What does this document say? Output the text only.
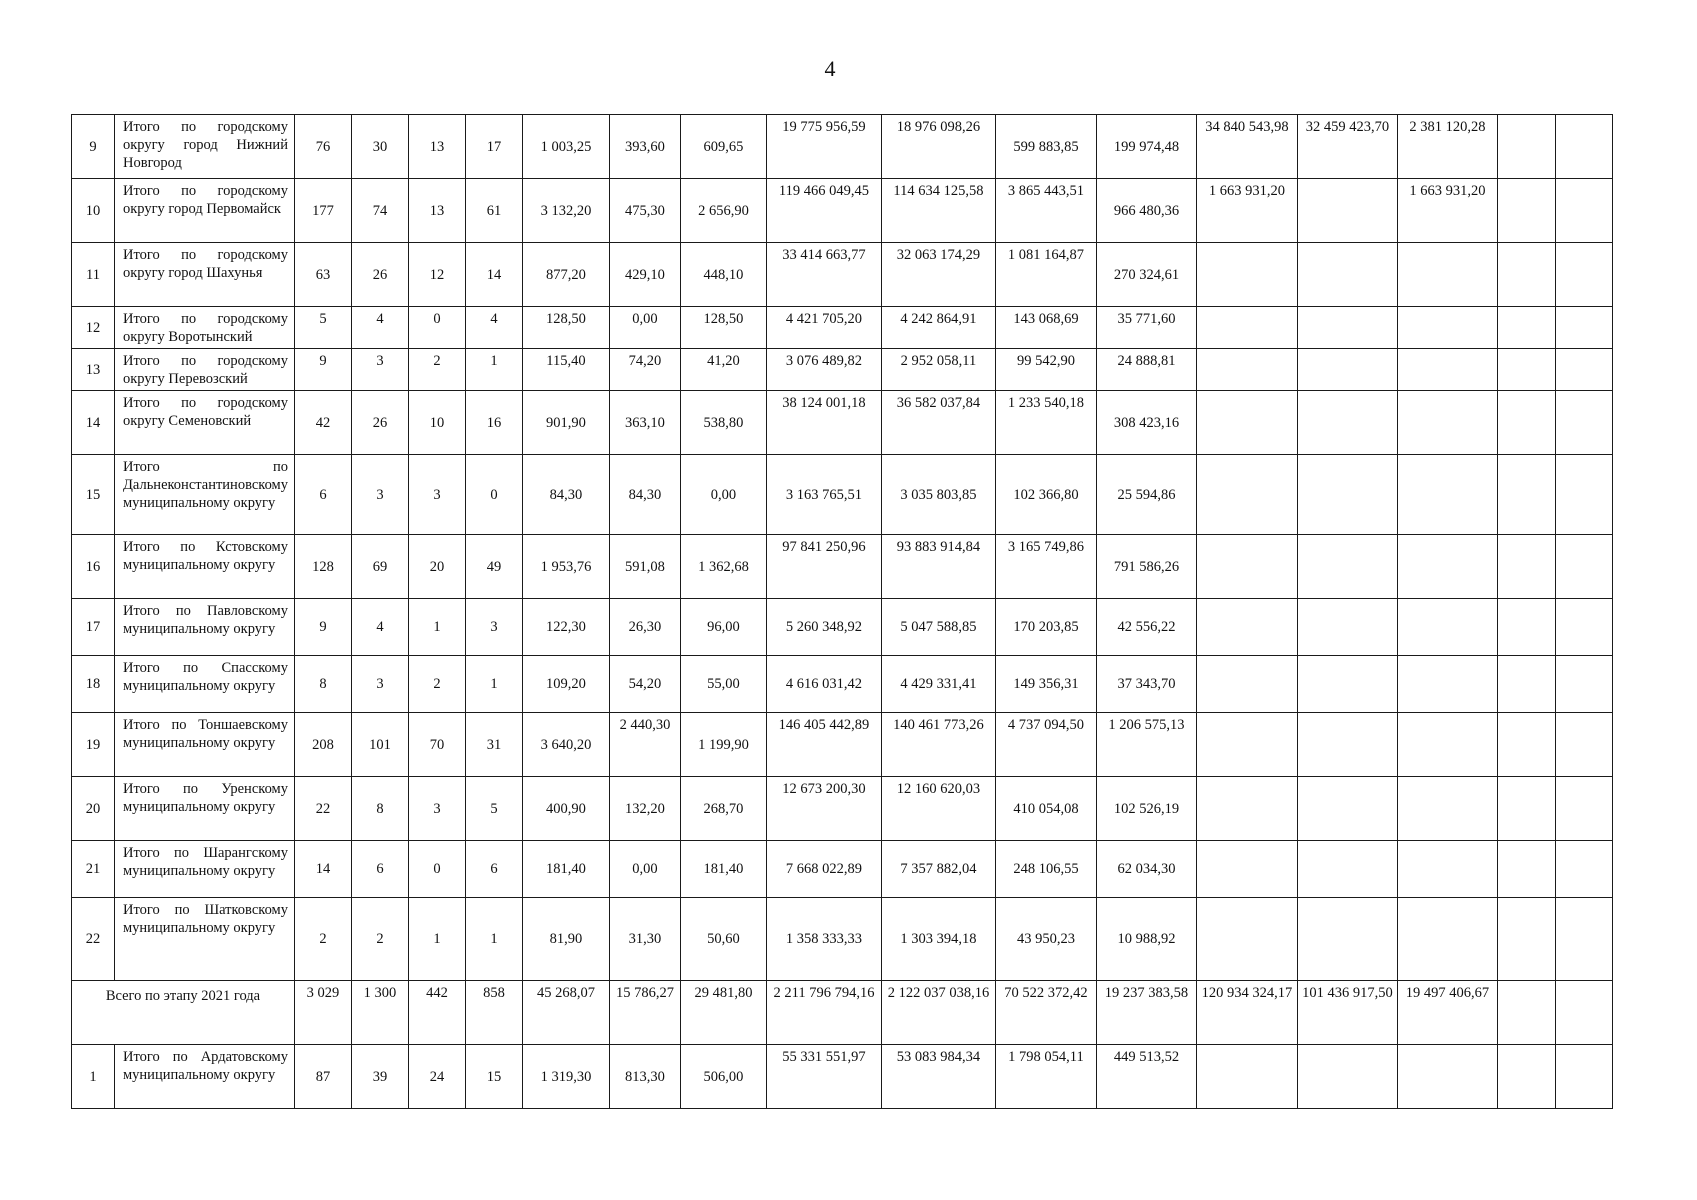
4
9	Итого по городскому округу город Нижний Новгород	76	30	13	17	1 003,25	393,60	609,65	19 775 956,59	18 976 098,26	599 883,85	199 974,48	34 840 543,98	32 459 423,70	2 381 120,28		
10	Итого по городскому округу город Первомайск	177	74	13	61	3 132,20	475,30	2 656,90	119 466 049,45	114 634 125,58	3 865 443,51	966 480,36	1 663 931,20		1 663 931,20		
11	Итого по городскому округу город Шахунья	63	26	12	14	877,20	429,10	448,10	33 414 663,77	32 063 174,29	1 081 164,87	270 324,61					
12	Итого по городскому округу Воротынский	5	4	0	4	128,50	0,00	128,50	4 421 705,20	4 242 864,91	143 068,69	35 771,60					
13	Итого по городскому округу Перевозский	9	3	2	1	115,40	74,20	41,20	3 076 489,82	2 952 058,11	99 542,90	24 888,81					
14	Итого по городскому округу Семеновский	42	26	10	16	901,90	363,10	538,80	38 124 001,18	36 582 037,84	1 233 540,18	308 423,16					
15	Итого по Дальнеконстантиновскому муниципальному округу	6	3	3	0	84,30	84,30	0,00	3 163 765,51	3 035 803,85	102 366,80	25 594,86					
16	Итого по Кстовскому муниципальному округу	128	69	20	49	1 953,76	591,08	1 362,68	97 841 250,96	93 883 914,84	3 165 749,86	791 586,26					
17	Итого по Павловскому муниципальному округу	9	4	1	3	122,30	26,30	96,00	5 260 348,92	5 047 588,85	170 203,85	42 556,22					
18	Итого по Спасскому муниципальному округу	8	3	2	1	109,20	54,20	55,00	4 616 031,42	4 429 331,41	149 356,31	37 343,70					
19	Итого по Тоншаевскому муниципальному округу	208	101	70	31	3 640,20	2 440,30	1 199,90	146 405 442,89	140 461 773,26	4 737 094,50	1 206 575,13					
20	Итого по Уренскому муниципальному округу	22	8	3	5	400,90	132,20	268,70	12 673 200,30	12 160 620,03	410 054,08	102 526,19					
21	Итого по Шарангскому муниципальному округу	14	6	0	6	181,40	0,00	181,40	7 668 022,89	7 357 882,04	248 106,55	62 034,30					
22	Итого по Шатковскому муниципальному округу	2	2	1	1	81,90	31,30	50,60	1 358 333,33	1 303 394,18	43 950,23	10 988,92					
Всего по этапу 2021 года		3 029	1 300	442	858	45 268,07	15 786,27	29 481,80	2 211 796 794,16	2 122 037 038,16	70 522 372,42	19 237 383,58	120 934 324,17	101 436 917,50	19 497 406,67		
1	Итого по Ардатовскому муниципальному округу	87	39	24	15	1 319,30	813,30	506,00	55 331 551,97	53 083 984,34	1 798 054,11	449 513,52					
